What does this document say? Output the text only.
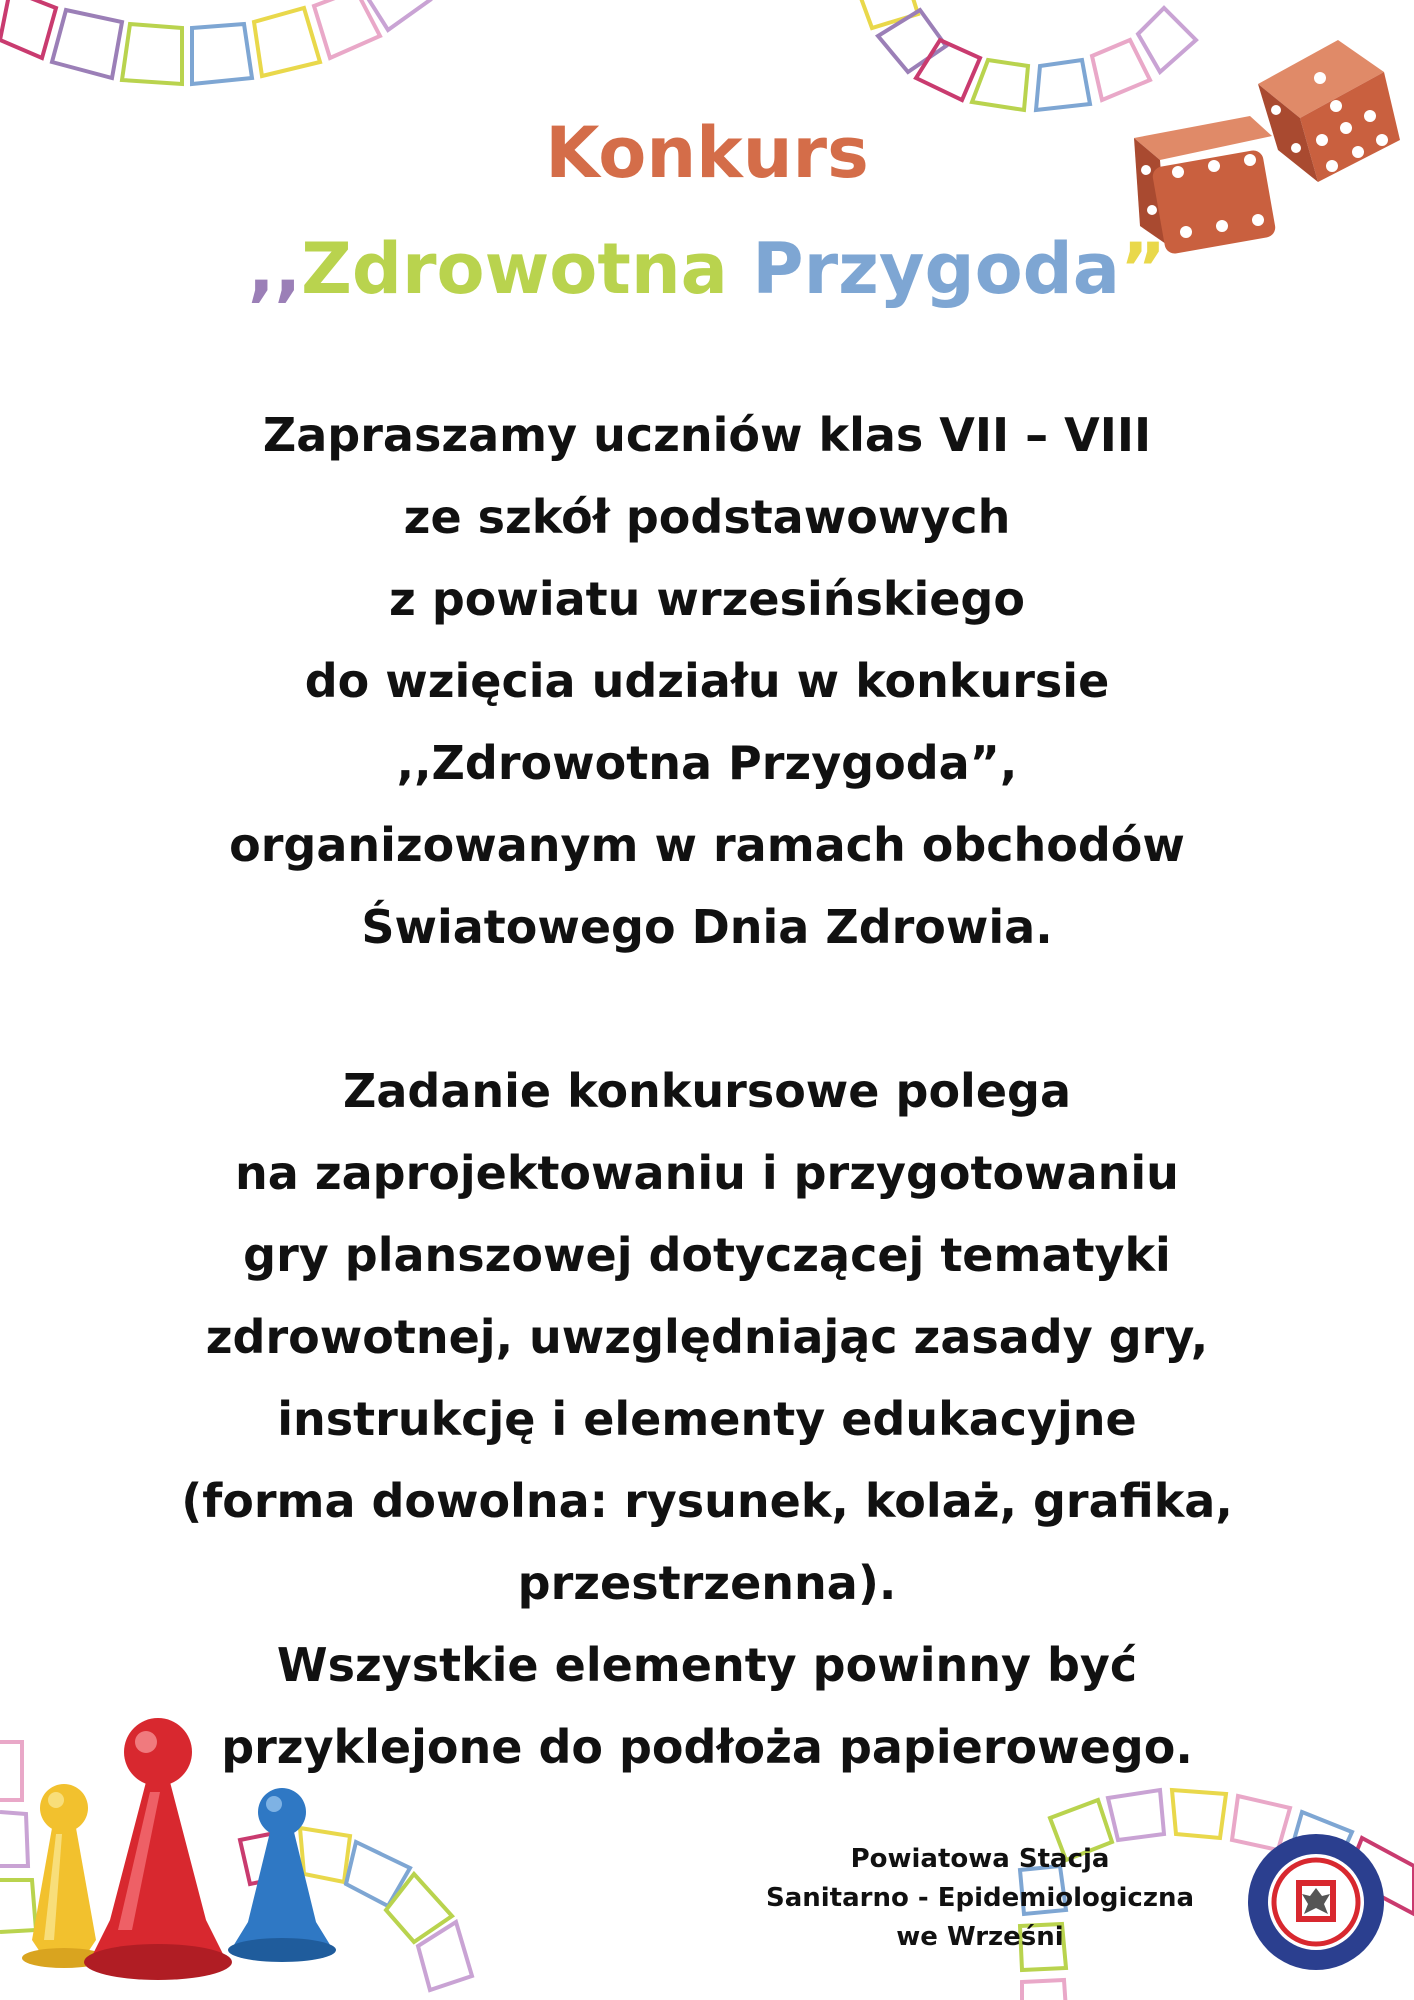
Konkurs
,,Zdrowotna Przygoda”
Zapraszamy uczniów klas VII – VIII
ze szkół podstawowych
z powiatu wrzesińskiego
do wzięcia udziału w konkursie
,,Zdrowotna Przygoda”,
organizowanym w ramach obchodów
Światowego Dnia Zdrowia.
Zadanie konkursowe polega
na zaprojektowaniu i przygotowaniu
gry planszowej dotyczącej tematyki
zdrowotnej, uwzględniając zasady gry,
instrukcję i elementy edukacyjne
(forma dowolna: rysunek, kolaż, grafika,
przestrzenna).
Wszystkie elementy powinny być
przyklejone do podłoża papierowego.
Powiatowa Stacja
Sanitarno - Epidemiologiczna
we Wrześni
